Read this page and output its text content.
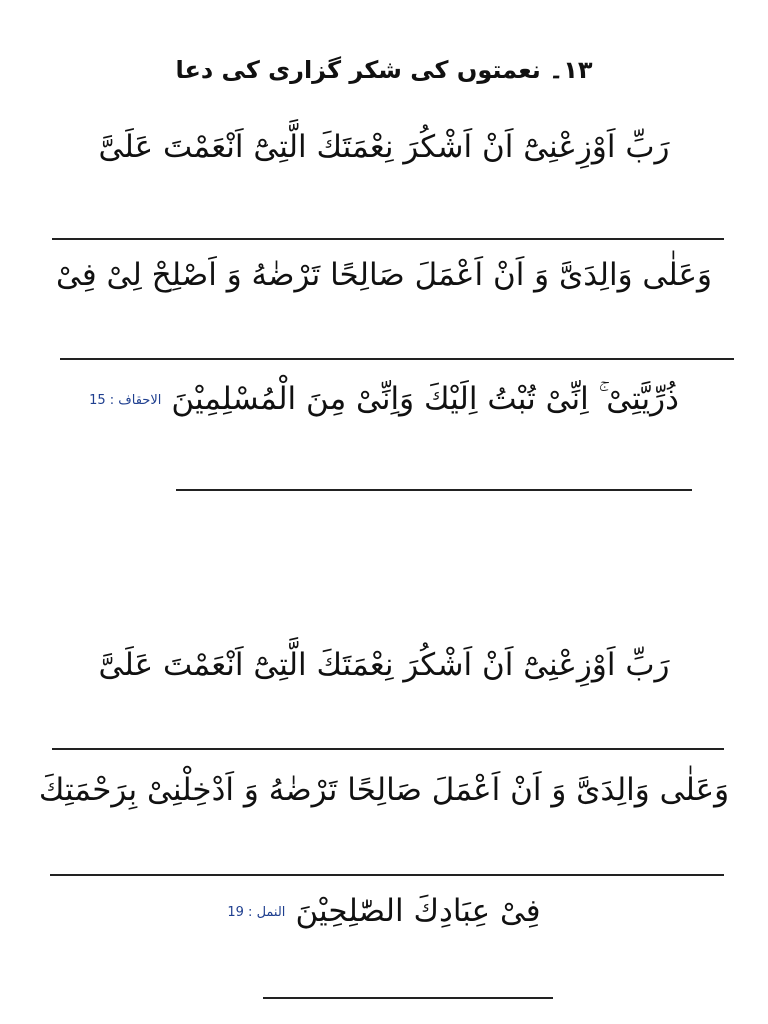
۱۳۔ نعمتوں کی شکر گزاری کی دعا
رَبِّ اَوْزِعْنِیْٓ اَنْ اَشْكُرَ نِعْمَتَكَ الَّتِیْٓ اَنْعَمْتَ عَلَیَّ
وَعَلٰی وَالِدَیَّ وَ اَنْ اَعْمَلَ صَالِحًا تَرْضٰهُ وَ اَصْلِحْ لِیْ فِیْ
ذُرِّیَّتِیْ ۚ اِنِّیْ تُبْتُ اِلَیْكَ وَاِنِّیْ مِنَ الْمُسْلِمِیْنَالاحقاف : 15
رَبِّ اَوْزِعْنِیْٓ اَنْ اَشْكُرَ نِعْمَتَكَ الَّتِیْٓ اَنْعَمْتَ عَلَیَّ
وَعَلٰی وَالِدَیَّ وَ اَنْ اَعْمَلَ صَالِحًا تَرْضٰهُ وَ اَدْخِلْنِیْ بِرَحْمَتِكَ
فِیْ عِبَادِكَ الصّٰلِحِیْنَالنمل : 19
